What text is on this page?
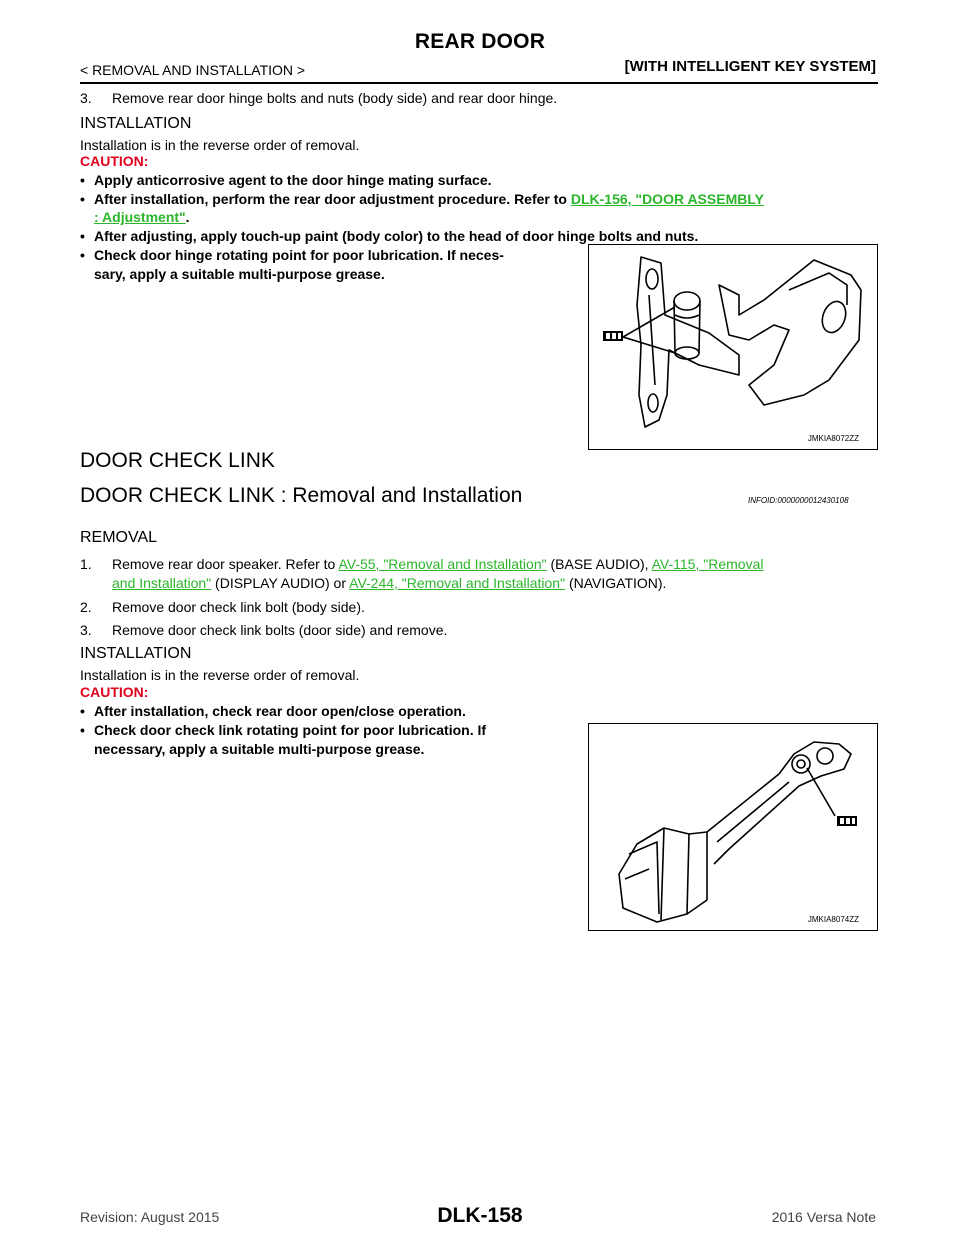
REAR DOOR
< REMOVAL AND INSTALLATION >	[WITH INTELLIGENT KEY SYSTEM]
3. Remove rear door hinge bolts and nuts (body side) and rear door hinge.
INSTALLATION
Installation is in the reverse order of removal.
CAUTION:
• Apply anticorrosive agent to the door hinge mating surface.
• After installation, perform the rear door adjustment procedure. Refer to DLK-156, "DOOR ASSEMBLY
: Adjustment".
• After adjusting, apply touch-up paint (body color) to the head of door hinge bolts and nuts.
• Check door hinge rotating point for poor lubrication. If neces-
sary, apply a suitable multi-purpose grease.
JMKIA8072ZZ
DOOR CHECK LINK
DOOR CHECK LINK : Removal and Installation	INFOID:0000000012430108
REMOVAL
1. Remove rear door speaker. Refer to AV-55, "Removal and Installation" (BASE AUDIO), AV-115, "Removal
and Installation" (DISPLAY AUDIO) or AV-244, "Removal and Installation" (NAVIGATION).
2. Remove door check link bolt (body side).
3. Remove door check link bolts (door side) and remove.
INSTALLATION
Installation is in the reverse order of removal.
CAUTION:
• After installation, check rear door open/close operation.
• Check door check link rotating point for poor lubrication. If
necessary, apply a suitable multi-purpose grease.
JMKIA8074ZZ
Revision: August 2015	DLK-158	2016 Versa Note
